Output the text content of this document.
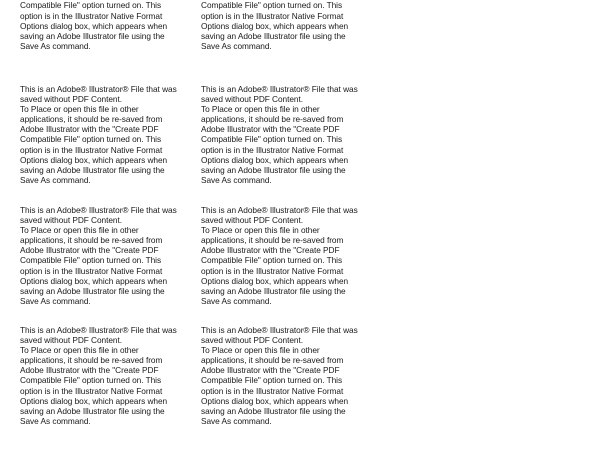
Compatible File" option turned on. This
option is in the Illustrator Native Format
Options dialog box, which appears when
saving an Adobe Illustrator file using the
Save As command.
Compatible File" option turned on. This
option is in the Illustrator Native Format
Options dialog box, which appears when
saving an Adobe Illustrator file using the
Save As command.
This is an Adobe® Illustrator® File that was
saved without PDF Content.
To Place or open this file in other
applications, it should be re-saved from
Adobe Illustrator with the "Create PDF
Compatible File" option turned on. This
option is in the Illustrator Native Format
Options dialog box, which appears when
saving an Adobe Illustrator file using the
Save As command.
This is an Adobe® Illustrator® File that was
saved without PDF Content.
To Place or open this file in other
applications, it should be re-saved from
Adobe Illustrator with the "Create PDF
Compatible File" option turned on. This
option is in the Illustrator Native Format
Options dialog box, which appears when
saving an Adobe Illustrator file using the
Save As command.
This is an Adobe® Illustrator® File that was
saved without PDF Content.
To Place or open this file in other
applications, it should be re-saved from
Adobe Illustrator with the "Create PDF
Compatible File" option turned on. This
option is in the Illustrator Native Format
Options dialog box, which appears when
saving an Adobe Illustrator file using the
Save As command.
This is an Adobe® Illustrator® File that was
saved without PDF Content.
To Place or open this file in other
applications, it should be re-saved from
Adobe Illustrator with the "Create PDF
Compatible File" option turned on. This
option is in the Illustrator Native Format
Options dialog box, which appears when
saving an Adobe Illustrator file using the
Save As command.
This is an Adobe® Illustrator® File that was
saved without PDF Content.
To Place or open this file in other
applications, it should be re-saved from
Adobe Illustrator with the "Create PDF
Compatible File" option turned on. This
option is in the Illustrator Native Format
Options dialog box, which appears when
saving an Adobe Illustrator file using the
Save As command.
This is an Adobe® Illustrator® File that was
saved without PDF Content.
To Place or open this file in other
applications, it should be re-saved from
Adobe Illustrator with the "Create PDF
Compatible File" option turned on. This
option is in the Illustrator Native Format
Options dialog box, which appears when
saving an Adobe Illustrator file using the
Save As command.
